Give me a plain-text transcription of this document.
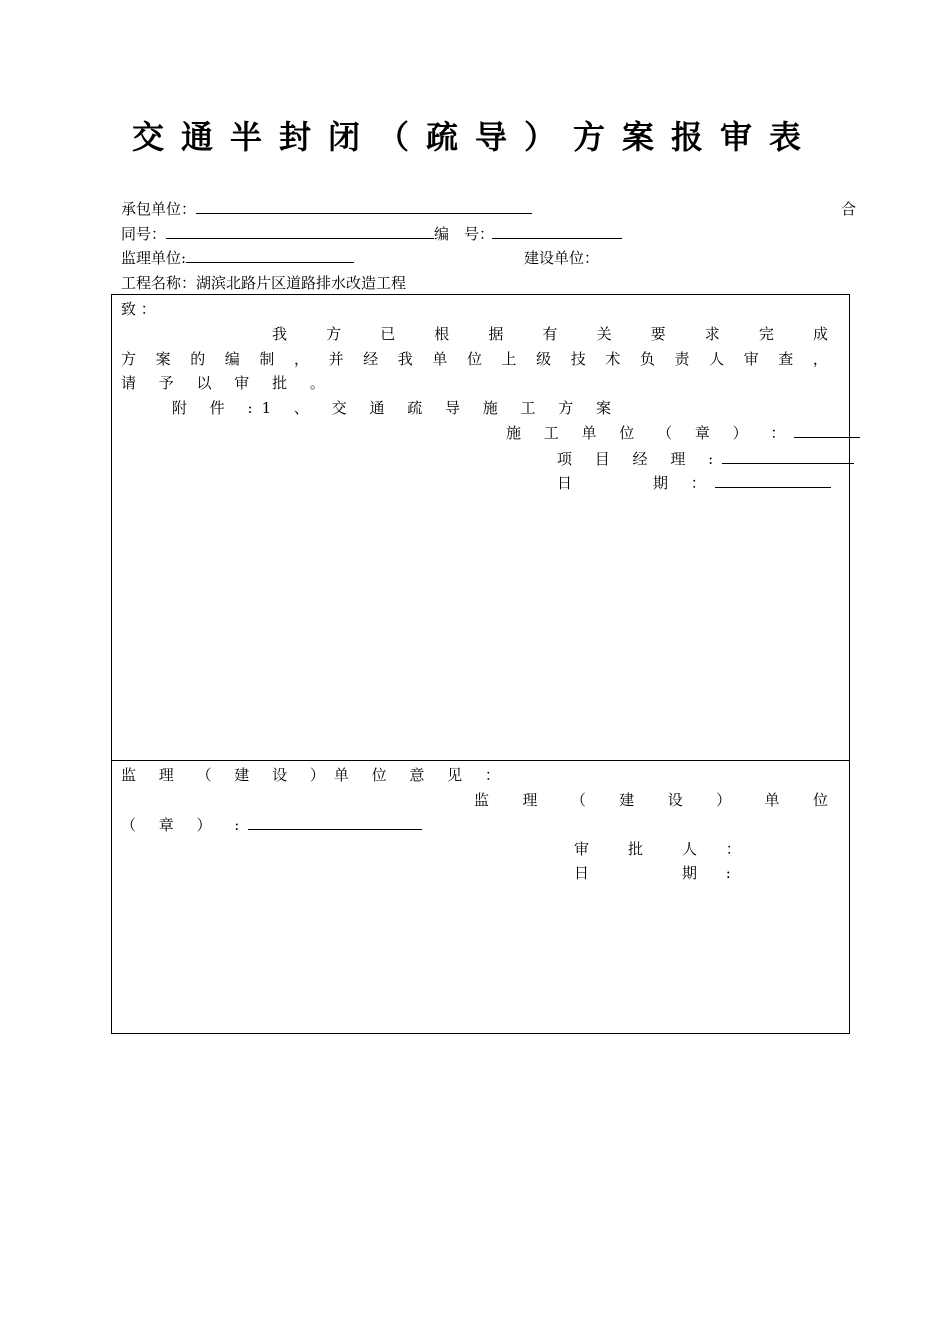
交通半封闭（疏导）方案报审表
承包单位：	合
同号：	编　号：
监理单位:	建设单位：
工程名称：湖滨北路片区道路排水改造工程
致 ：
我	方	已	根	据	有	关	要	求	完	成
方 案 的 编 制 ， 并 经 我 单 位 上 级 技 术 负 责 人 审 查 ，
请 予 以 审 批 。
附 件 :1 、 交 通 疏 导 施 工 方 案
施 工 单 位 （ 章 ） ：
项 目 经 理 :
日　　　期 ：
监 理 （ 建 设 ）单 位 意 见 ：
监 理 （ 建 设 ） 单 位
（ 章 ） :
审　批　人 ：
日　　　期 :
